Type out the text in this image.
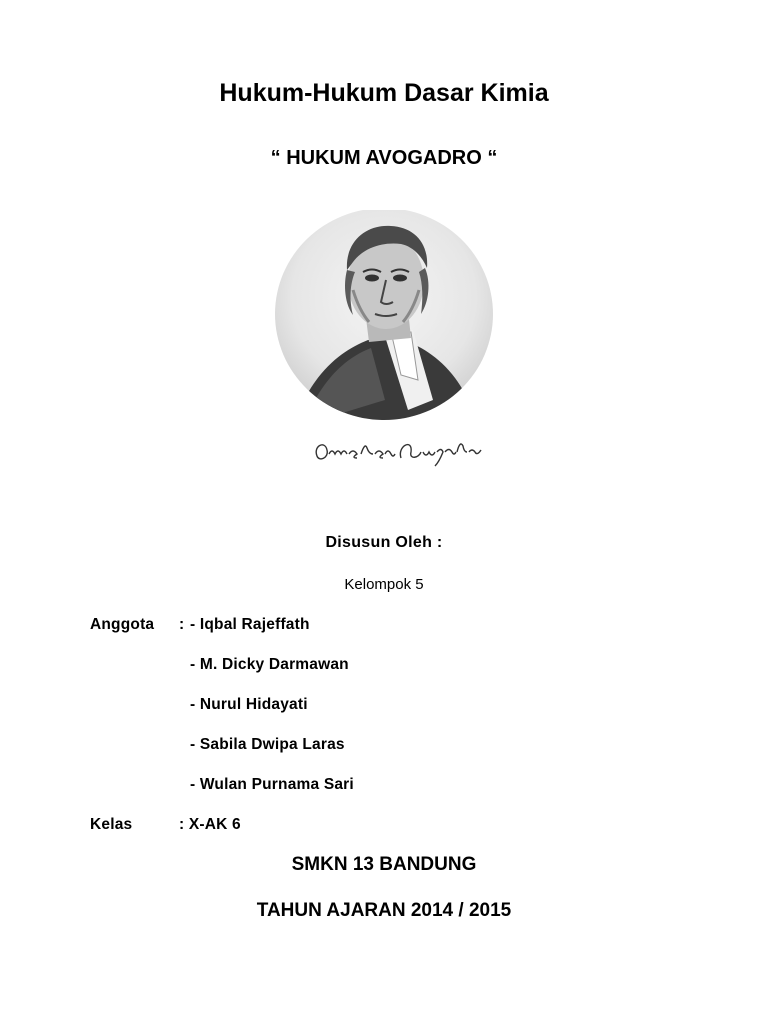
Hukum-Hukum Dasar Kimia
“ HUKUM AVOGADRO “
Disusun Oleh :
Kelompok 5
Anggota : - Iqbal Rajeffath
- M. Dicky Darmawan
- Nurul Hidayati
- Sabila Dwipa Laras
- Wulan Purnama Sari
Kelas	: X-AK 6
SMKN 13 BANDUNG
TAHUN AJARAN 2014 / 2015
